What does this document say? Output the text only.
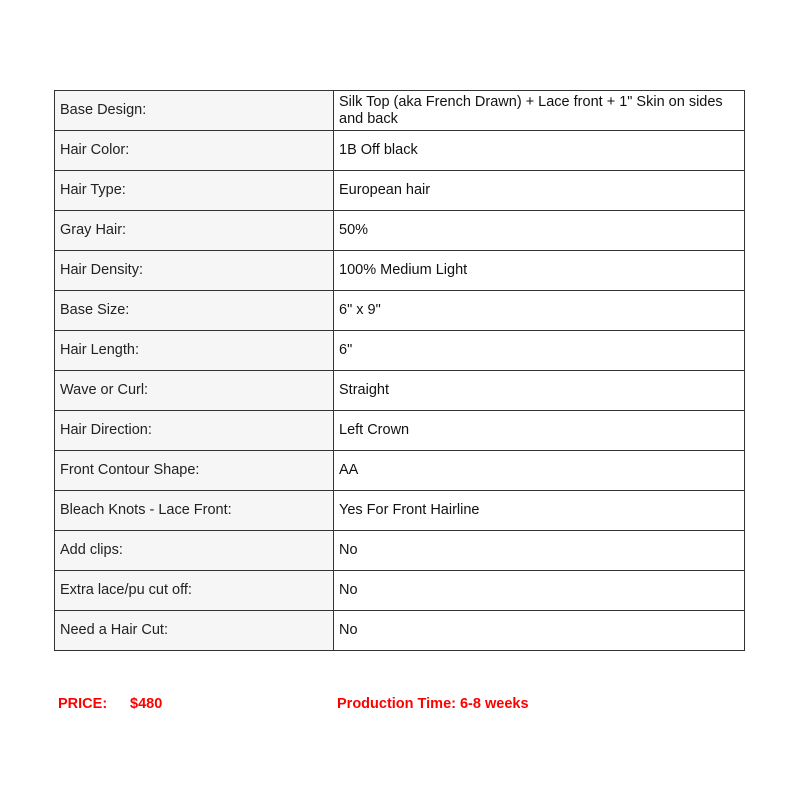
Base Design:	Silk Top (aka French Drawn) + Lace front + 1" Skin on sides and back
Hair Color:	1B Off black
Hair Type:	European hair
Gray Hair:	50%
Hair Density:	100% Medium Light
Base Size:	6" x 9"
Hair Length:	6"
Wave or Curl:	Straight
Hair Direction:	Left Crown
Front Contour Shape:	AA
Bleach Knots - Lace Front:	Yes For Front Hairline
Add clips:	No
Extra lace/pu cut off:	No
Need a Hair Cut:	No
PRICE: $480	Production Time: 6-8 weeks
